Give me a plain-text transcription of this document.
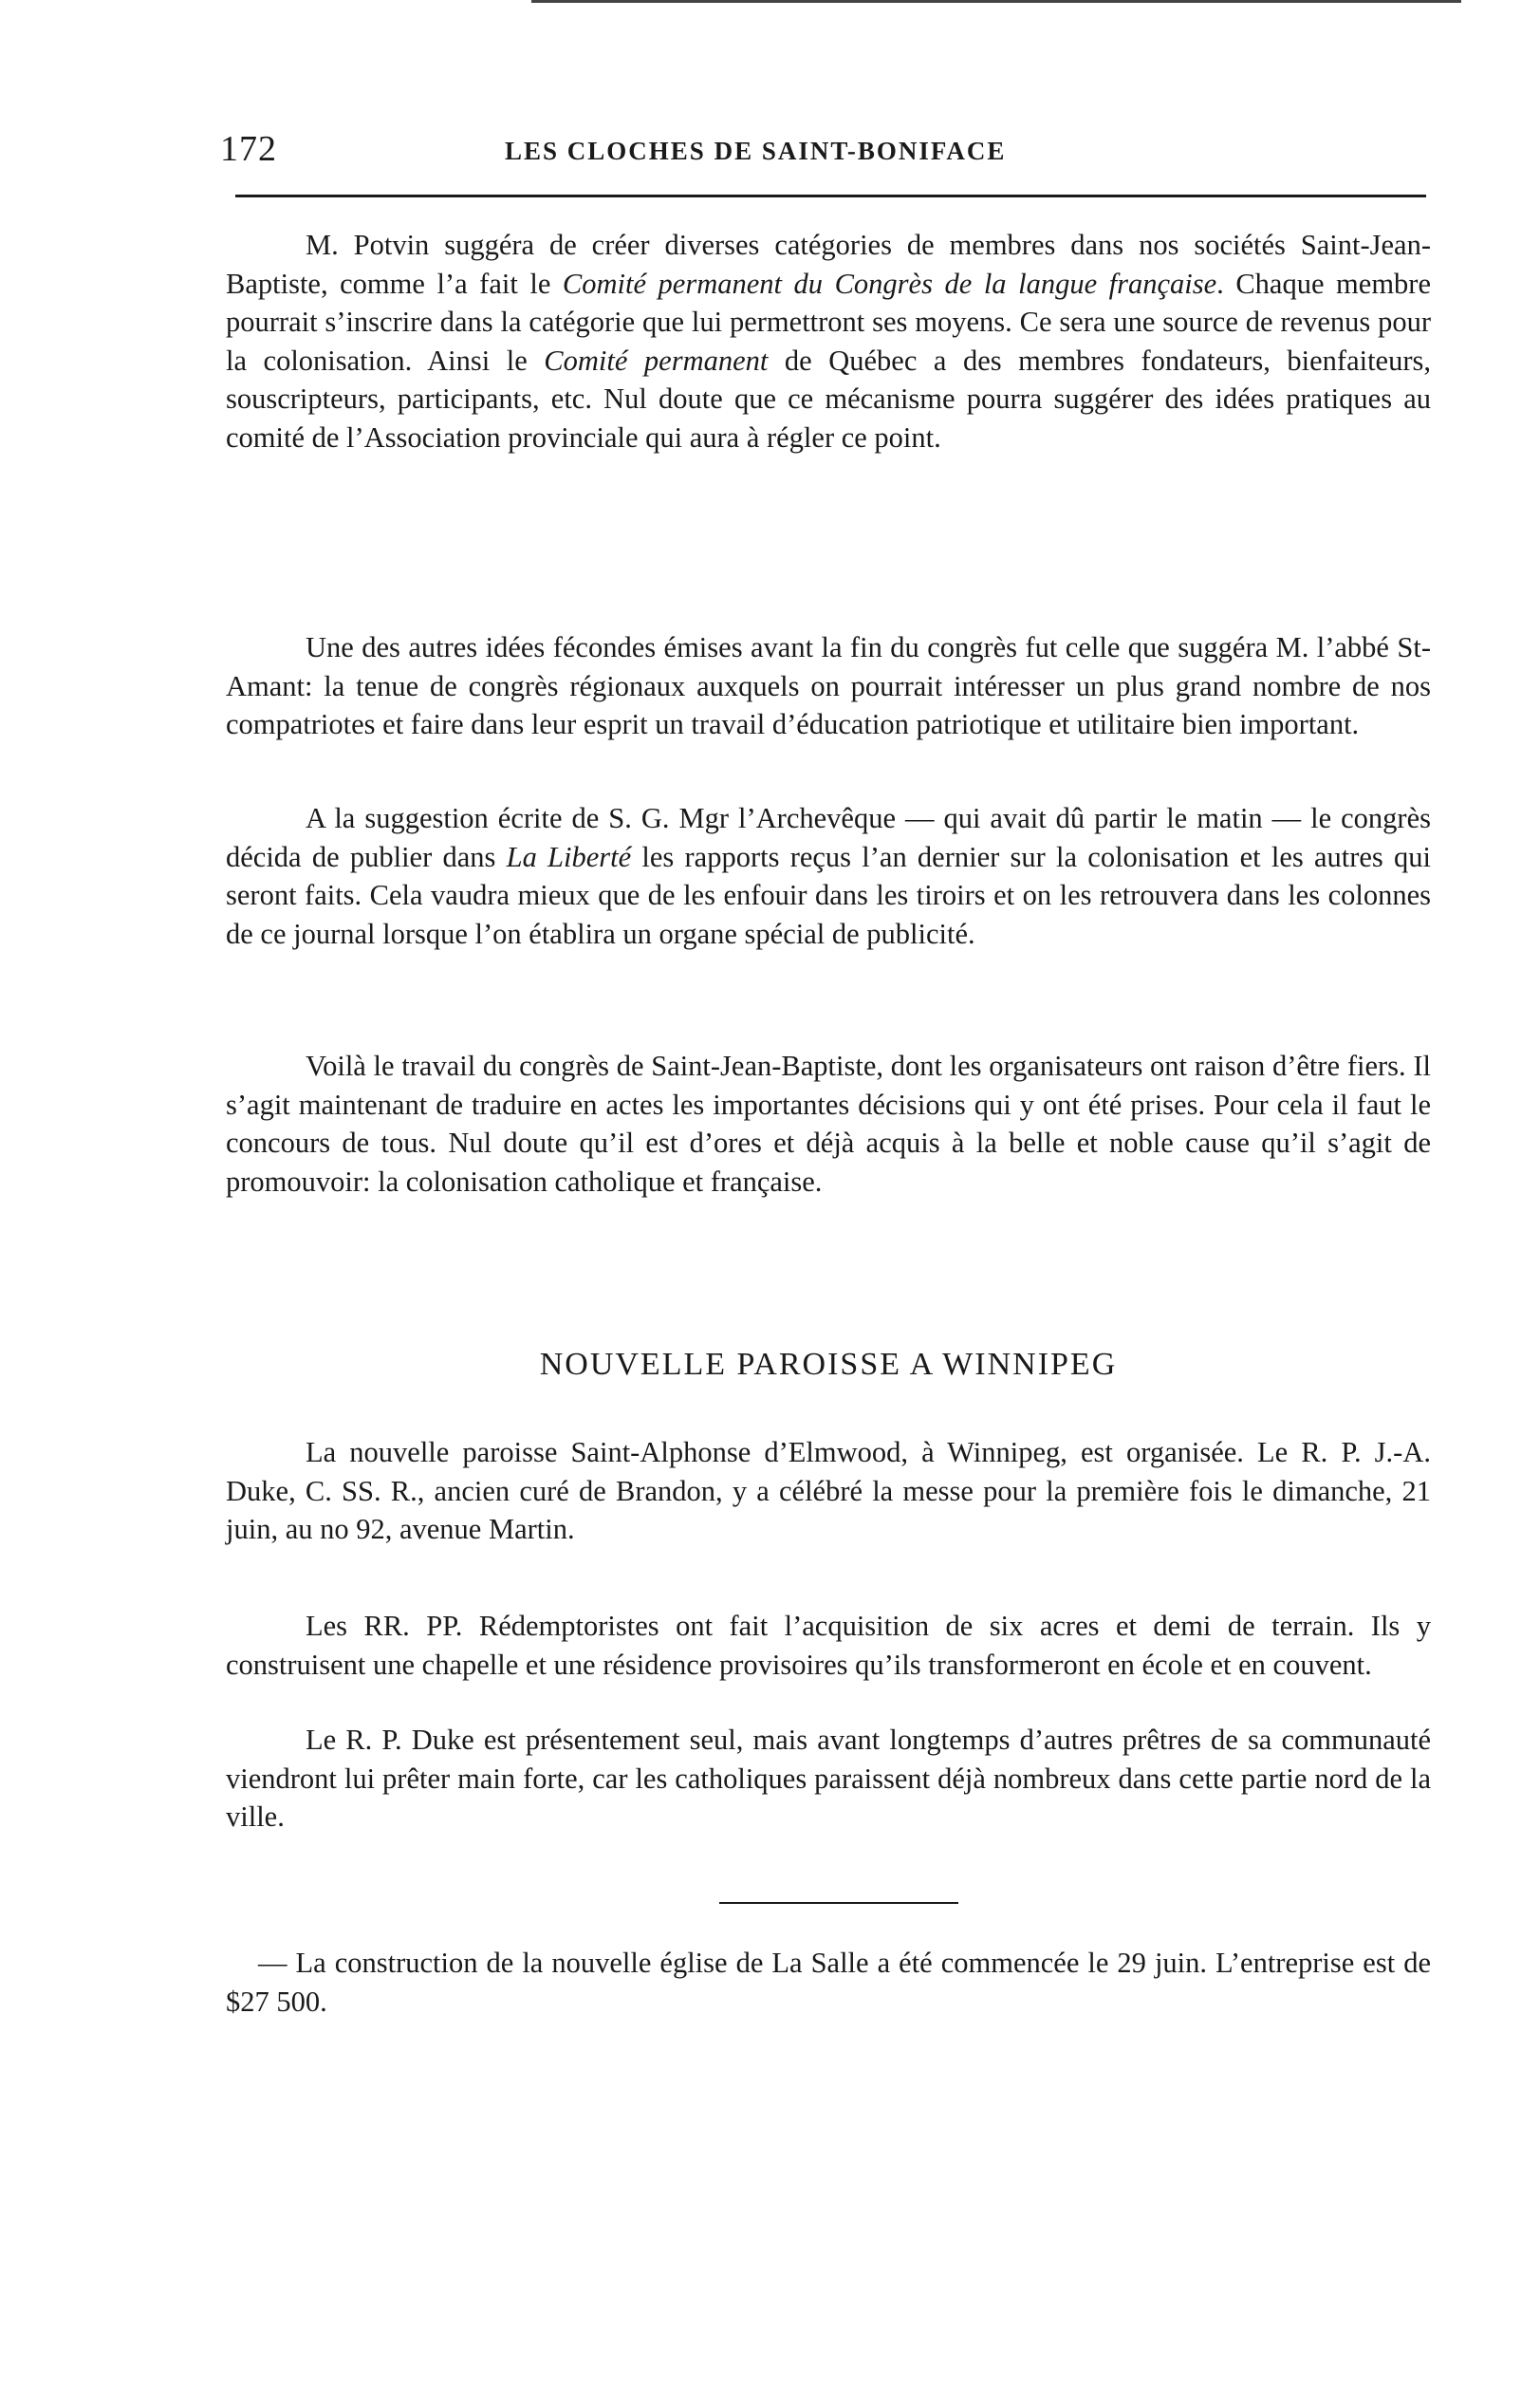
172	LES CLOCHES DE SAINT-BONIFACE

M. Potvin suggéra de créer diverses catégories de membres dans nos sociétés Saint-Jean-Baptiste, comme l’a fait le Comité permanent du Congrès de la langue française. Chaque membre pourrait s’inscrire dans la catégorie que lui permettront ses moyens. Ce sera une source de revenus pour la colonisation. Ainsi le Comité permanent de Québec a des membres fondateurs, bienfaiteurs, souscripteurs, participants, etc. Nul doute que ce mécanisme pourra suggérer des idées pratiques au comité de l’Association provinciale qui aura à régler ce point.

Une des autres idées fécondes émises avant la fin du congrès fut celle que suggéra M. l’abbé St-Amant: la tenue de congrès régionaux auxquels on pourrait intéresser un plus grand nombre de nos compatriotes et faire dans leur esprit un travail d’éducation patriotique et utilitaire bien important.

A la suggestion écrite de S. G. Mgr l’Archevêque — qui avait dû partir le matin — le congrès décida de publier dans La Liberté les rapports reçus l’an dernier sur la colonisation et les autres qui seront faits. Cela vaudra mieux que de les enfouir dans les tiroirs et on les retrouvera dans les colonnes de ce journal lorsque l’on établira un organe spécial de publicité.

Voilà le travail du congrès de Saint-Jean-Baptiste, dont les organisateurs ont raison d’être fiers. Il s’agit maintenant de traduire en actes les importantes décisions qui y ont été prises. Pour cela il faut le concours de tous. Nul doute qu’il est d’ores et déjà acquis à la belle et noble cause qu’il s’agit de promouvoir: la colonisation catholique et française.

NOUVELLE PAROISSE A WINNIPEG

La nouvelle paroisse Saint-Alphonse d’Elmwood, à Winnipeg, est organisée. Le R. P. J.-A. Duke, C. SS. R., ancien curé de Brandon, y a célébré la messe pour la première fois le dimanche, 21 juin, au no 92, avenue Martin.

Les RR. PP. Rédemptoristes ont fait l’acquisition de six acres et demi de terrain. Ils y construisent une chapelle et une résidence provisoires qu’ils transformeront en école et en couvent.

Le R. P. Duke est présentement seul, mais avant longtemps d’autres prêtres de sa communauté viendront lui prêter main forte, car les catholiques paraissent déjà nombreux dans cette partie nord de la ville.

— La construction de la nouvelle église de La Salle a été commencée le 29 juin. L’entreprise est de $27 500.
